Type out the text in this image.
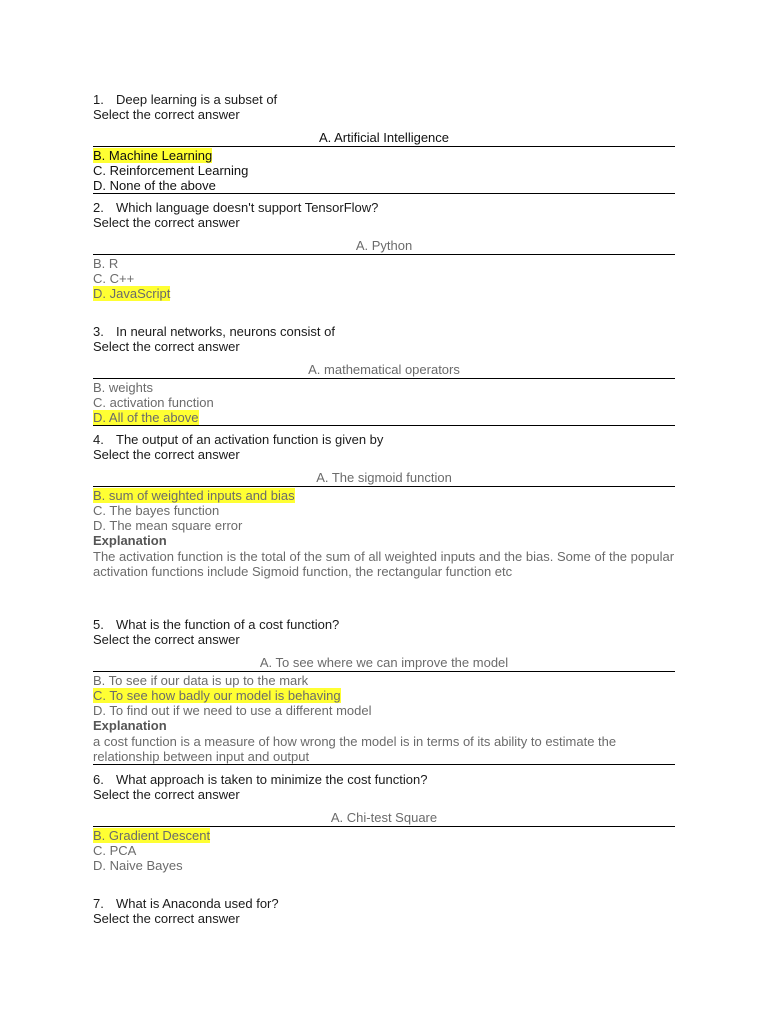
1. Deep learning is a subset of
Select the correct answer
A. Artificial Intelligence
B. Machine Learning
C. Reinforcement Learning
D. None of the above
2. Which language doesn't support TensorFlow?
Select the correct answer
A. Python
B. R
C. C++
D. JavaScript
3. In neural networks, neurons consist of
Select the correct answer
A. mathematical operators
B. weights
C. activation function
D. All of the above
4. The output of an activation function is given by
Select the correct answer
A. The sigmoid function
B. sum of weighted inputs and bias
C. The bayes function
D. The mean square error
Explanation
The activation function is the total of the sum of all weighted inputs and the bias. Some of the popular activation functions include Sigmoid function, the rectangular function etc
5. What is the function of a cost function?
Select the correct answer
A. To see where we can improve the model
B. To see if our data is up to the mark
C. To see how badly our model is behaving
D. To find out if we need to use a different model
Explanation
a cost function is a measure of how wrong the model is in terms of its ability to estimate the relationship between input and output
6. What approach is taken to minimize the cost function?
Select the correct answer
A. Chi-test Square
B. Gradient Descent
C. PCA
D. Naive Bayes
7. What is Anaconda used for?
Select the correct answer
